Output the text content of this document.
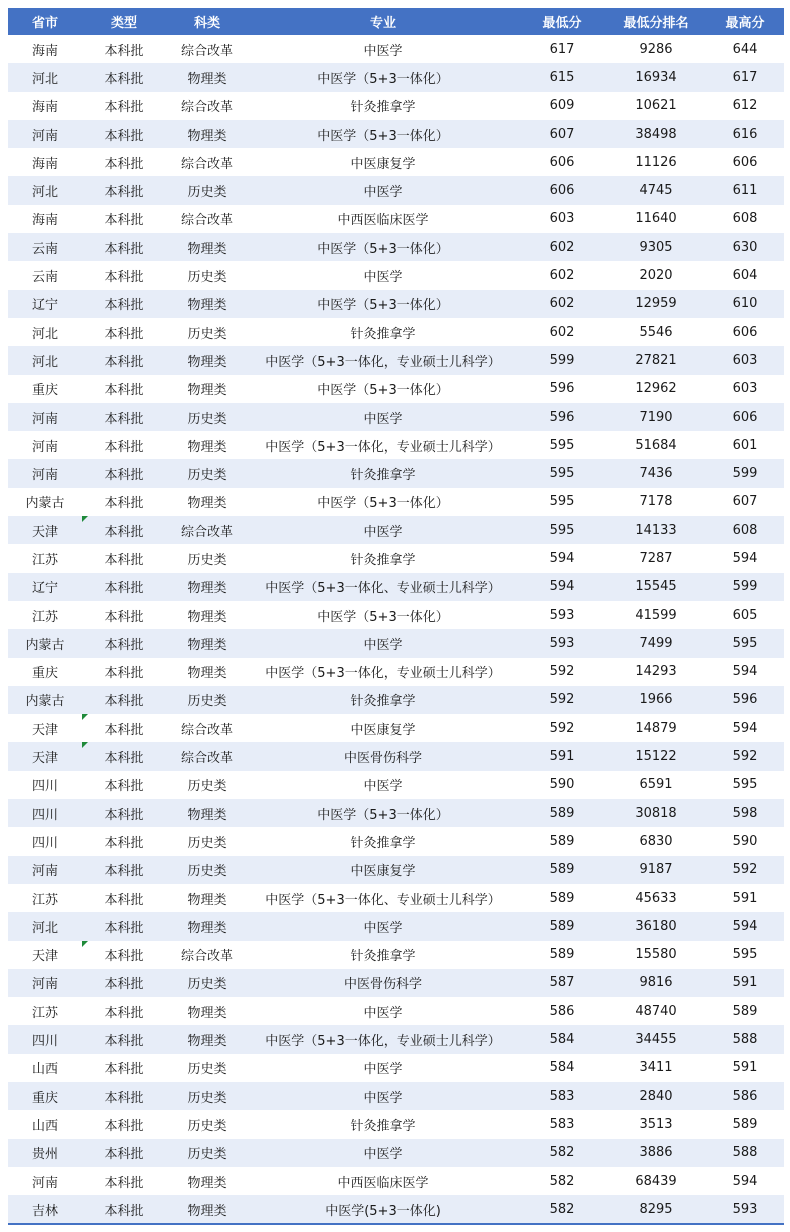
省市	类型	科类	专业	最低分	最低分排名	最高分
海南	本科批	综合改革	中医学	617	9286	644
河北	本科批	物理类	中医学（5+3一体化）	615	16934	617
海南	本科批	综合改革	针灸推拿学	609	10621	612
河南	本科批	物理类	中医学（5+3一体化）	607	38498	616
海南	本科批	综合改革	中医康复学	606	11126	606
河北	本科批	历史类	中医学	606	4745	611
海南	本科批	综合改革	中西医临床医学	603	11640	608
云南	本科批	物理类	中医学（5+3一体化）	602	9305	630
云南	本科批	历史类	中医学	602	2020	604
辽宁	本科批	物理类	中医学（5+3一体化）	602	12959	610
河北	本科批	历史类	针灸推拿学	602	5546	606
河北	本科批	物理类	中医学（5+3一体化，专业硕士儿科学）	599	27821	603
重庆	本科批	物理类	中医学（5+3一体化）	596	12962	603
河南	本科批	历史类	中医学	596	7190	606
河南	本科批	物理类	中医学（5+3一体化，专业硕士儿科学）	595	51684	601
河南	本科批	历史类	针灸推拿学	595	7436	599
内蒙古	本科批	物理类	中医学（5+3一体化）	595	7178	607
天津	本科批	综合改革	中医学	595	14133	608
江苏	本科批	历史类	针灸推拿学	594	7287	594
辽宁	本科批	物理类	中医学（5+3一体化、专业硕士儿科学）	594	15545	599
江苏	本科批	物理类	中医学（5+3一体化）	593	41599	605
内蒙古	本科批	物理类	中医学	593	7499	595
重庆	本科批	物理类	中医学（5+3一体化，专业硕士儿科学）	592	14293	594
内蒙古	本科批	历史类	针灸推拿学	592	1966	596
天津	本科批	综合改革	中医康复学	592	14879	594
天津	本科批	综合改革	中医骨伤科学	591	15122	592
四川	本科批	历史类	中医学	590	6591	595
四川	本科批	物理类	中医学（5+3一体化）	589	30818	598
四川	本科批	历史类	针灸推拿学	589	6830	590
河南	本科批	历史类	中医康复学	589	9187	592
江苏	本科批	物理类	中医学（5+3一体化、专业硕士儿科学）	589	45633	591
河北	本科批	物理类	中医学	589	36180	594
天津	本科批	综合改革	针灸推拿学	589	15580	595
河南	本科批	历史类	中医骨伤科学	587	9816	591
江苏	本科批	物理类	中医学	586	48740	589
四川	本科批	物理类	中医学（5+3一体化，专业硕士儿科学）	584	34455	588
山西	本科批	历史类	中医学	584	3411	591
重庆	本科批	历史类	中医学	583	2840	586
山西	本科批	历史类	针灸推拿学	583	3513	589
贵州	本科批	历史类	中医学	582	3886	588
河南	本科批	物理类	中西医临床医学	582	68439	594
吉林	本科批	物理类	中医学(5+3一体化)	582	8295	593
